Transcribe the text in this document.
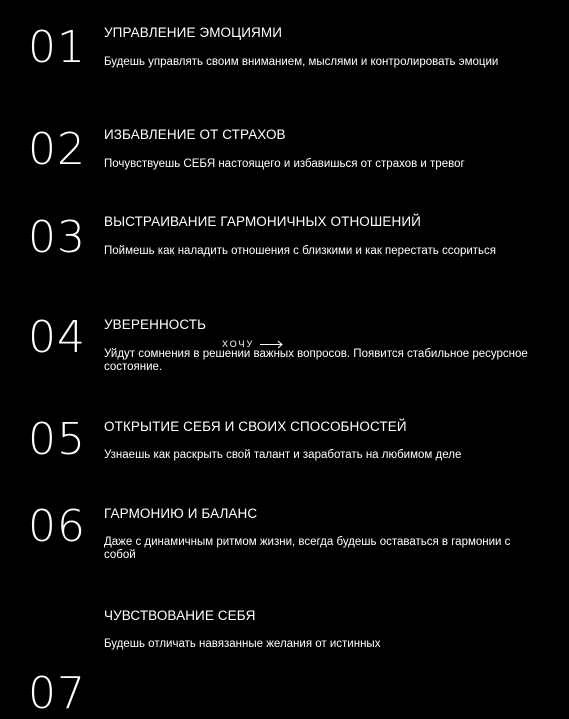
01 УПРАВЛЕНИЕ ЭМОЦИЯМИ
Будешь управлять своим вниманием, мыслями и контролировать эмоции
02 ИЗБАВЛЕНИЕ ОТ СТРАХОВ
Почувствуешь СЕБЯ настоящего и избавишься от страхов и тревог
03 ВЫСТРАИВАНИЕ ГАРМОНИЧНЫХ ОТНОШЕНИЙ
Поймешь как наладить отношения с близкими и как перестать ссориться
04 УВЕРЕННОСТЬ
Уйдут сомнения в решении важных вопросов. Появится стабильное ресурсное состояние.
ХОЧУ
05 ОТКРЫТИЕ СЕБЯ И СВОИХ СПОСОБНОСТЕЙ
Узнаешь как раскрыть свой талант и заработать на любимом деле
06 ГАРМОНИЮ И БАЛАНС
Даже с динамичным ритмом жизни, всегда будешь оставаться в гармонии с собой
ЧУВСТВОВАНИЕ СЕБЯ
Будешь отличать навязанные желания от истинных
07
